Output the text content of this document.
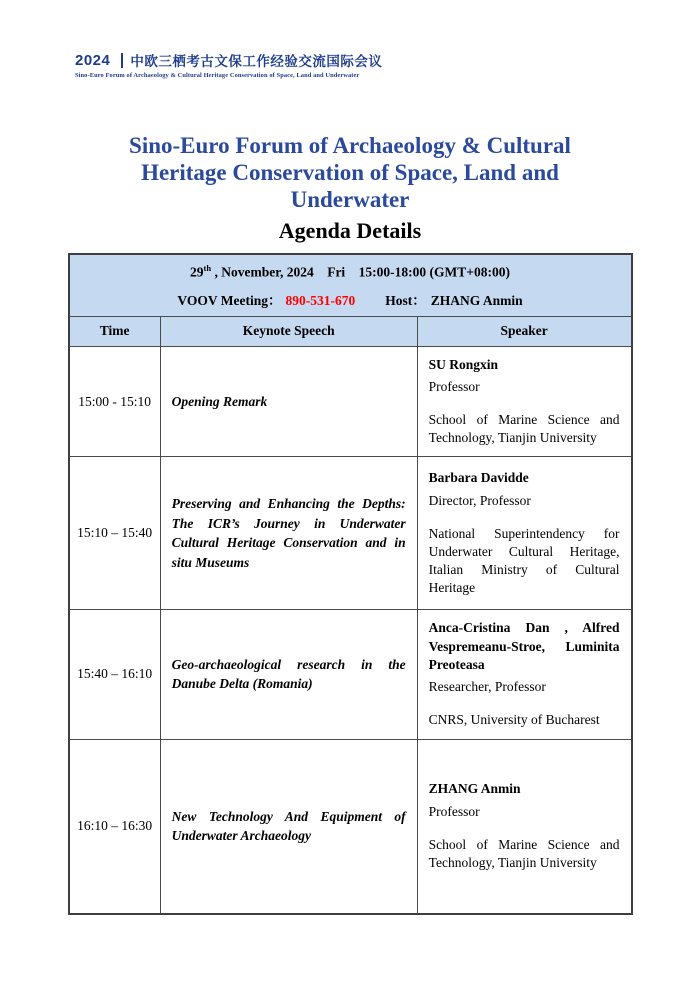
2024 中欧三栖考古文保工作经验交流国际会议
Sino-Euro Forum of Archaeology & Cultural Heritage Conservation of Space, Land and Underwater
Sino-Euro Forum of Archaeology & Cultural Heritage Conservation of Space, Land and Underwater
Agenda Details
29th , November, 2024    Fri    15:00-18:00 (GMT+08:00)
VOOV Meeting： 890-531-670 Host： ZHANG Anmin		

Time	Keynote Speech	Speaker
15:00 - 15:10	Opening Remark	SU Rongxin

Professor

School of Marine Science and Technology, Tianjin University

15:10 – 15:40	Preserving and Enhancing the Depths: The ICR’s Journey in Underwater Cultural Heritage Conservation and in situ Museums	Barbara Davidde

Director, Professor

National Superintendency for Underwater Cultural Heritage, Italian Ministry of Cultural Heritage

15:40 – 16:10	Geo-archaeological research in the Danube Delta (Romania)	Anca-Cristina Dan , Alfred Vespremeanu-Stroe, Luminita Preoteasa

Researcher, Professor

CNRS, University of Bucharest

16:10 – 16:30	New Technology And Equipment of Underwater Archaeology	ZHANG Anmin

Professor

School of Marine Science and Technology, Tianjin University
